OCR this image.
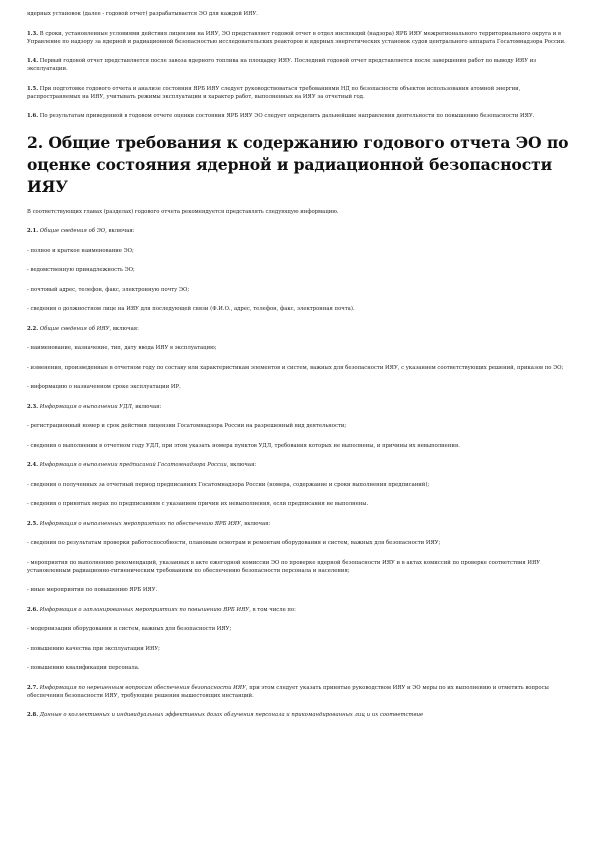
ядерных установок (далее - годовой отчет) разрабатывается ЭО для каждой ИЯУ.

1.3. В сроки, установленные условиями действия лицензии на ИЯУ, ЭО представляет годовой отчет в отдел инспекций (надзора) ЯРБ ИЯУ межрегионального территориального округа и в Управление по надзору за ядерной и радиационной безопасностью исследовательских реакторов и ядерных энергетических установок судов центрального аппарата Госатомнадзора России.

1.4. Первый годовой отчет представляется после завоза ядерного топлива на площадку ИЯУ. Последний годовой отчет представляется после завершения работ по выводу ИЯУ из эксплуатации.

1.5. При подготовке годового отчета и анализе состояния ЯРБ ИЯУ следует руководствоваться требованиями НД по безопасности объектов использования атомной энергии, распространяемых на ИЯУ, учитывать режимы эксплуатации и характер работ, выполненных на ИЯУ за отчетный год.

1.6. По результатам приведенной в годовом отчете оценки состояния ЯРБ ИЯУ ЭО следует определить дальнейшие направления деятельности по повышению безопасности ИЯУ.

2. Общие требования к содержанию годового отчета ЭО по оценке состояния ядерной и радиационной безопасности ИЯУ

В соответствующих главах (разделах) годового отчета рекомендуется представлять следующую информацию.

2.1. Общие сведения об ЭО, включая:

- полное и краткое наименование ЭО;

- ведомственную принадлежность ЭО;

- почтовый адрес, телефон, факс, электронную почту ЭО;

- сведения о должностном лице на ИЯУ для последующей связи (Ф.И.О., адрес, телефон, факс, электронная почта).

2.2. Общие сведения об ИЯУ, включая:

- наименование, назначение, тип, дату ввода ИЯУ в эксплуатацию;

- изменения, произведенные в отчетном году по составу или характеристикам элементов и систем, важных для безопасности ИЯУ, с указанием соответствующих решений, приказов по ЭО;

- информацию о назначенном сроке эксплуатации ИР.

2.3. Информация о выполнении УДЛ, включая:

- регистрационный номер и срок действия лицензии Госатомнадзора России на разрешенный вид деятельности;

- сведения о выполнении в отчетном году УДЛ, при этом указать номера пунктов УДЛ, требования которых не выполнены, и причины их невыполнения.

2.4. Информация о выполнении предписаний Госатомнадзора России, включая:

- сведения о полученных за отчетный период предписаниях Госатомнадзора России (номера, содержание и сроки выполнения предписаний);

- сведения о принятых мерах по предписаниям с указанием причин их невыполнения, если предписания не выполнены.

2.5. Информация о выполненных мероприятиях по обеспечению ЯРБ ИЯУ, включая:

- сведения по результатам проверки работоспособности, плановым осмотрам и ремонтам оборудования и систем, важных для безопасности ИЯУ;

- мероприятия по выполнению рекомендаций, указанных в акте ежегодной комиссии ЭО по проверке ядерной безопасности ИЯУ и в актах комиссий по проверке соответствия ИЯУ установленным радиационно-гигиеническим требованиям по обеспечению безопасности персонала и населения;

- иные мероприятия по повышению ЯРБ ИЯУ.

2.6. Информация о запланированных мероприятиях по повышению ЯРБ ИЯУ, в том числе по:

- модернизации оборудования и систем, важных для безопасности ИЯУ;

- повышению качества при эксплуатации ИЯУ;

- повышению квалификации персонала.

2.7. Информация по нерешенным вопросам обеспечения безопасности ИЯУ, при этом следует указать принятые руководством ИЯУ и ЭО меры по их выполнению и отметить вопросы обеспечения безопасности ИЯУ, требующие решения вышестоящих инстанций.

2.8. Данные о коллективных и индивидуальных эффективных дозах облучения персонала и прикомандированных лиц и их соответствие
